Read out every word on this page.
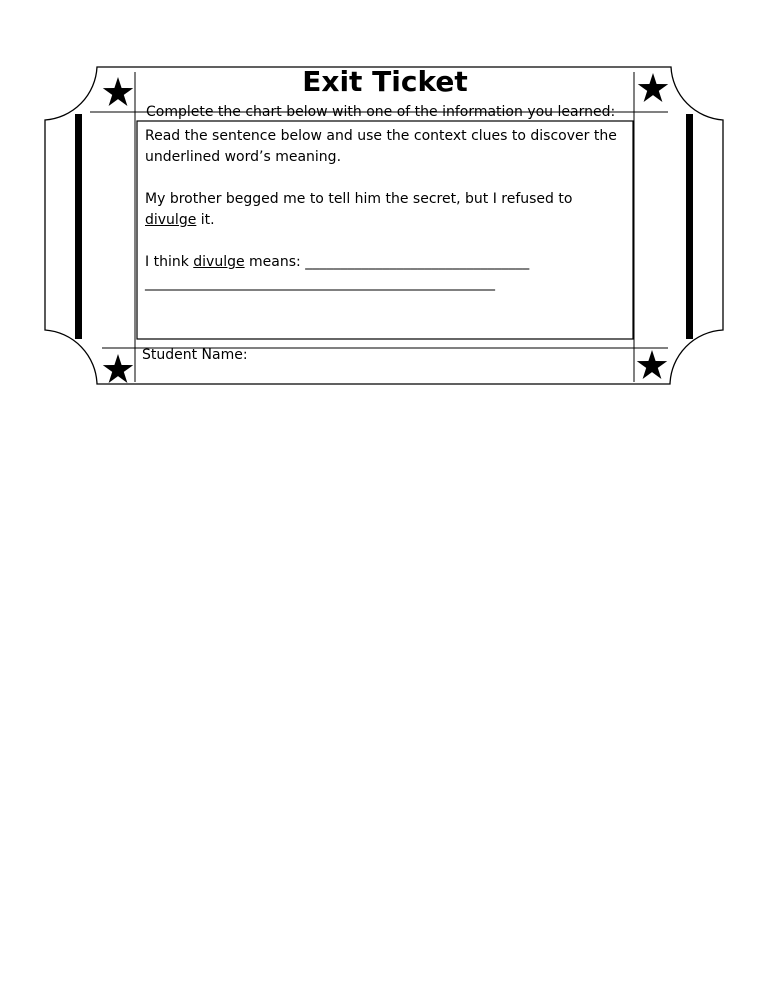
Exit Ticket
Complete the chart below with one of the information you learned:

Read the sentence below and use the context clues to discover the

underlined word’s meaning.

My brother begged me to tell him the secret, but I refused to

divulge it.

I think divulge means: ________________________________

__________________________________________________

Student Name:
